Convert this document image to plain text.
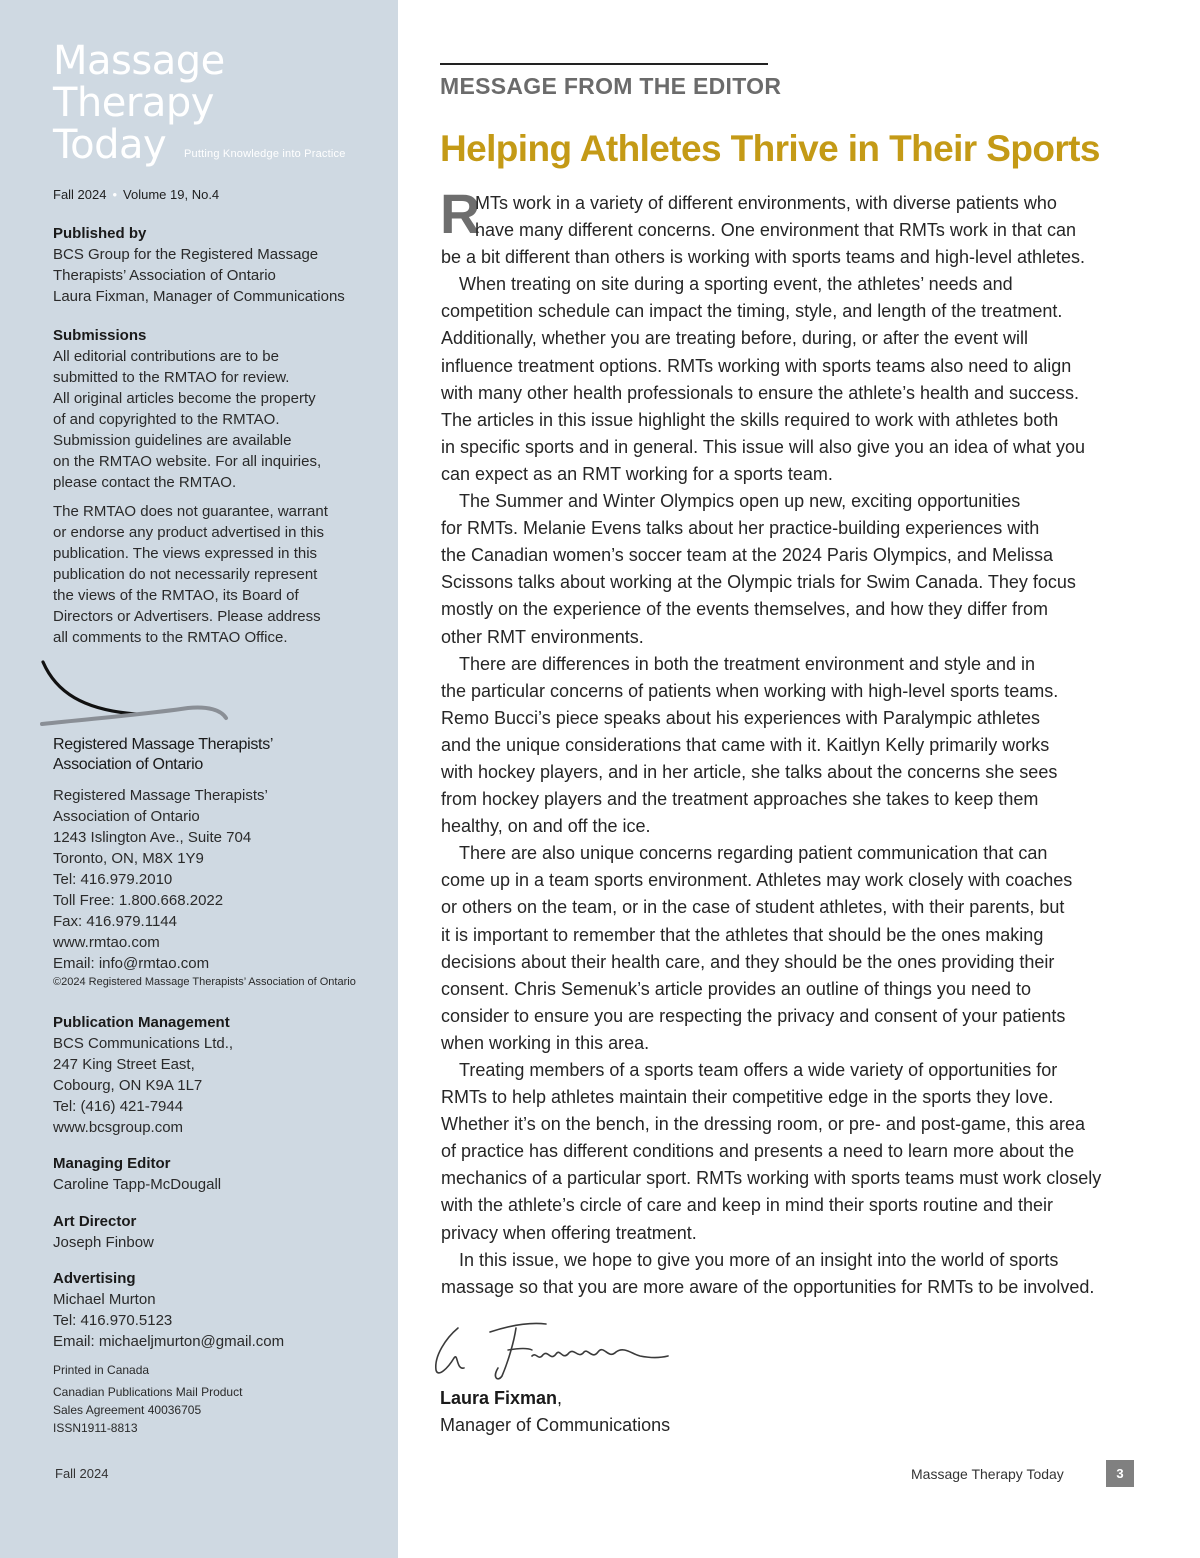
Massage
Therapy
Today	Putting Knowledge into Practice
Fall 2024 • Volume 19, No.4
Published by
BCS Group for the Registered Massage
Therapists’ Association of Ontario
Laura Fixman, Manager of Communications
Submissions
All editorial contributions are to be
submitted to the RMTAO for review.
All original articles become the property
of and copyrighted to the RMTAO.
Submission guidelines are available
on the RMTAO website. For all inquiries,
please contact the RMTAO.
The RMTAO does not guarantee, warrant
or endorse any product advertised in this
publication. The views expressed in this
publication do not necessarily represent
the views of the RMTAO, its Board of
Directors or Advertisers. Please address
all comments to the RMTAO Office.
Registered Massage Therapists’
Association of Ontario
Registered Massage Therapists’
Association of Ontario
1243 Islington Ave., Suite 704
Toronto, ON, M8X 1Y9
Tel: 416.979.2010
Toll Free: 1.800.668.2022
Fax: 416.979.1144
www.rmtao.com
Email: info@rmtao.com
©2024 Registered Massage Therapists’ Association of Ontario
Publication Management
BCS Communications Ltd.,
247 King Street East,
Cobourg, ON K9A 1L7
Tel: (416) 421-7944
www.bcsgroup.com
Managing Editor
Caroline Tapp-McDougall
Art Director
Joseph Finbow
Advertising
Michael Murton
Tel: 416.970.5123
Email: michaeljmurton@gmail.com
Printed in Canada
Canadian Publications Mail Product
Sales Agreement 40036705
ISSN1911-8813
Fall 2024
MESSAGE FROM THE EDITOR
Helping Athletes Thrive in Their Sports
R
MTs work in a variety of different environments, with diverse patients who
have many different concerns. One environment that RMTs work in that can
be a bit different than others is working with sports teams and high-level athletes.
When treating on site during a sporting event, the athletes’ needs and
competition schedule can impact the timing, style, and length of the treatment.
Additionally, whether you are treating before, during, or after the event will
influence treatment options. RMTs working with sports teams also need to align
with many other health professionals to ensure the athlete’s health and success.
The articles in this issue highlight the skills required to work with athletes both
in specific sports and in general. This issue will also give you an idea of what you
can expect as an RMT working for a sports team.
The Summer and Winter Olympics open up new, exciting opportunities
for RMTs. Melanie Evens talks about her practice-building experiences with
the Canadian women’s soccer team at the 2024 Paris Olympics, and Melissa
Scissons talks about working at the Olympic trials for Swim Canada. They focus
mostly on the experience of the events themselves, and how they differ from
other RMT environments.
There are differences in both the treatment environment and style and in
the particular concerns of patients when working with high-level sports teams.
Remo Bucci’s piece speaks about his experiences with Paralympic athletes
and the unique considerations that came with it. Kaitlyn Kelly primarily works
with hockey players, and in her article, she talks about the concerns she sees
from hockey players and the treatment approaches she takes to keep them
healthy, on and off the ice.
There are also unique concerns regarding patient communication that can
come up in a team sports environment. Athletes may work closely with coaches
or others on the team, or in the case of student athletes, with their parents, but
it is important to remember that the athletes that should be the ones making
decisions about their health care, and they should be the ones providing their
consent. Chris Semenuk’s article provides an outline of things you need to
consider to ensure you are respecting the privacy and consent of your patients
when working in this area.
Treating members of a sports team offers a wide variety of opportunities for
RMTs to help athletes maintain their competitive edge in the sports they love.
Whether it’s on the bench, in the dressing room, or pre- and post-game, this area
of practice has different conditions and presents a need to learn more about the
mechanics of a particular sport. RMTs working with sports teams must work closely
with the athlete’s circle of care and keep in mind their sports routine and their
privacy when offering treatment.
In this issue, we hope to give you more of an insight into the world of sports
massage so that you are more aware of the opportunities for RMTs to be involved.
Laura Fixman,
Manager of Communications
Massage Therapy Today	3
